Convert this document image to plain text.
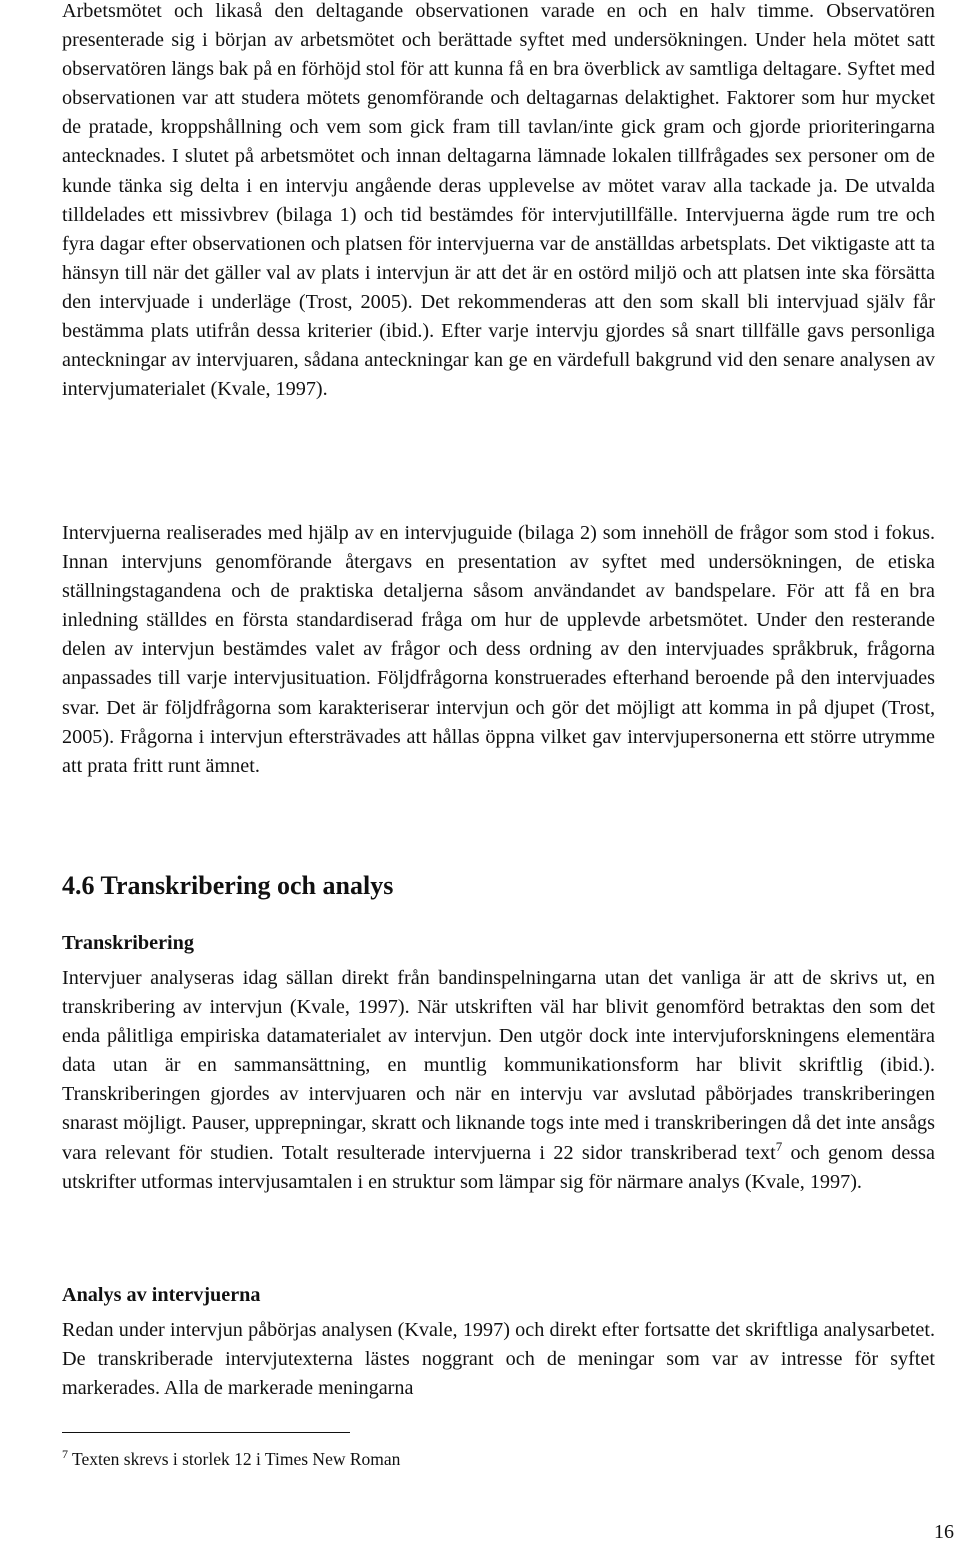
Arbetsmötet och likaså den deltagande observationen varade en och en halv timme. Observatören presenterade sig i början av arbetsmötet och berättade syftet med undersökningen. Under hela mötet satt observatören längs bak på en förhöjd stol för att kunna få en bra överblick av samtliga deltagare. Syftet med observationen var att studera mötets genomförande och deltagarnas delaktighet. Faktorer som hur mycket de pratade, kroppshållning och vem som gick fram till tavlan/inte gick gram och gjorde prioriteringarna antecknades. I slutet på arbetsmötet och innan deltagarna lämnade lokalen tillfrågades sex personer om de kunde tänka sig delta i en intervju angående deras upplevelse av mötet varav alla tackade ja. De utvalda tilldelades ett missivbrev (bilaga 1) och tid bestämdes för intervjutillfälle. Intervjuerna ägde rum tre och fyra dagar efter observationen och platsen för intervjuerna var de anställdas arbetsplats. Det viktigaste att ta hänsyn till när det gäller val av plats i intervjun är att det är en ostörd miljö och att platsen inte ska försätta den intervjuade i underläge (Trost, 2005). Det rekommenderas att den som skall bli intervjuad själv får bestämma plats utifrån dessa kriterier (ibid.). Efter varje intervju gjordes så snart tillfälle gavs personliga anteckningar av intervjuaren, sådana anteckningar kan ge en värdefull bakgrund vid den senare analysen av intervjumaterialet (Kvale, 1997).

Intervjuerna realiserades med hjälp av en intervjuguide (bilaga 2) som innehöll de frågor som stod i fokus. Innan intervjuns genomförande återgavs en presentation av syftet med undersökningen, de etiska ställningstagandena och de praktiska detaljerna såsom användandet av bandspelare. För att få en bra inledning ställdes en första standardiserad fråga om hur de upplevde arbetsmötet. Under den resterande delen av intervjun bestämdes valet av frågor och dess ordning av den intervjuades språkbruk, frågorna anpassades till varje intervjusituation. Följdfrågorna konstruerades efterhand beroende på den intervjuades svar. Det är följdfrågorna som karakteriserar intervjun och gör det möjligt att komma in på djupet (Trost, 2005). Frågorna i intervjun eftersträvades att hållas öppna vilket gav intervjupersonerna ett större utrymme att prata fritt runt ämnet.

4.6 Transkribering och analys
Transkribering

Intervjuer analyseras idag sällan direkt från bandinspelningarna utan det vanliga är att de skrivs ut, en transkribering av intervjun (Kvale, 1997). När utskriften väl har blivit genomförd betraktas den som det enda pålitliga empiriska datamaterialet av intervjun. Den utgör dock inte intervjuforskningens elementära data utan är en sammansättning, en muntlig kommunikationsform har blivit skriftlig (ibid.). Transkriberingen gjordes av intervjuaren och när en intervju var avslutad påbörjades transkriberingen snarast möjligt. Pauser, upprepningar, skratt och liknande togs inte med i transkriberingen då det inte ansågs vara relevant för studien. Totalt resulterade intervjuerna i 22 sidor transkriberad text$^7$ och genom dessa utskrifter utformas intervjusamtalen i en struktur som lämpar sig för närmare analys (Kvale, 1997).

Analys av intervjuerna

Redan under intervjun påbörjas analysen (Kvale, 1997) och direkt efter fortsatte det skriftliga analysarbetet. De transkriberade intervjutexterna lästes noggrant och de meningar som var av intresse för syftet markerades. Alla de markerade meningarna

$^7$ Texten skrevs i storlek 12 i Times New Roman

16
